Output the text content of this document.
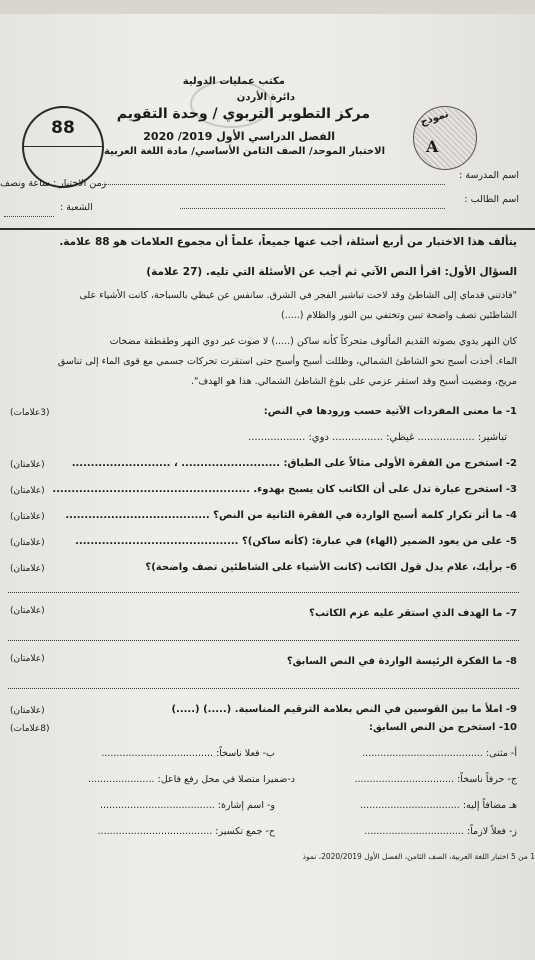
مكتب عمليات الدولية
دائرة الأردن
مركز التطوير التربوي / وحدة التقويم
الفصل الدراسي الأول 2019/ 2020
الاختبار الموحد/ الصف الثامن الأساسي/ مادة اللغة العربية
88	نموذج
A
اسم المدرسة :
زمن الاختبار : ساعة ونصف
اسم الطالب :
الشعبة :
يتألف هذا الاختبار من أربع أسئلة، أجب عنها جميعاً، علماً أن مجموع العلامات هو 88 علامة.
السؤال الأول: اقرأ النص الآتي ثم أجب عن الأسئلة التي تليه. (27 علامة)
"فادتني قدماي إلى الشاطئ وقد لاحت تباشير الفجر في الشرق. سانفس عن غيظي بالسباحة، كانت الأشياء على
الشاطئين تصف واضحة تبين وتختفي بين النور والظلام (.....)
كان النهر يدوي بصوته القديم المألوف متحركاً كأنه ساكن (.....) لا صوت غير دوي النهر وطقطقة مضخات
الماء. أخذت أسبح نحو الشاطئ الشمالي، وظللت أسبح وأسبح حتى استقرت تحركات جسمي مع قوى الماء إلى تناسق
مريح، ومضيت أسبح وقد استقر عزمي على بلوغ الشاطئ الشمالي. هذا هو الهدف".
1- ما معنى المفردات الآتية حسب ورودها في النص:
(3علامات)
تباشير: .................. غيظي: ................ دوي: ..................
2- استخرج من الفقرة الأولى مثالاً على الطباق: .......................... ، ..........................
(علامتان)
3- استخرج عبارة تدل على أن الكاتب كان يسبح بهدوء. ....................................................
(علامتان)
4- ما أثر تكرار كلمة أسبح الواردة في الفقرة الثانية من النص؟ ......................................
(علامتان)
5- على من يعود الضمير (الهاء) في عبارة: (كأنه ساكن)؟ ...........................................
(علامتان)
6- برأيك، علام يدل قول الكاتب (كانت الأشياء على الشاطئين تصف واضحة)؟
(علامتان)
7- ما الهدف الذي استقر عليه عزم الكاتب؟
(علامتان)
8- ما الفكرة الرئيسة الواردة في النص السابق؟
(علامتان)
9- املأ ما بين القوسين في النص بعلامة الترقيم المناسبة. (.....) (.....)
(علامتان)
10- استخرج من النص السابق:
(8علامات)
أ- مثنى: ........................................
ب- فعلا ناسخاً: .....................................
ج- حرفاً ناسخاً: .................................
د-ضميرا متصلا في محل رفع فاعل: ......................
هـ مضافاً إليه: .................................
و- اسم إشارة: ......................................
ز- فعلاً لازماً: .................................
ح- جمع تكسير: ......................................
1 من 5 اختبار اللغة العربية، الصف الثامن، الفصل الأول 2020/2019، نموذ
